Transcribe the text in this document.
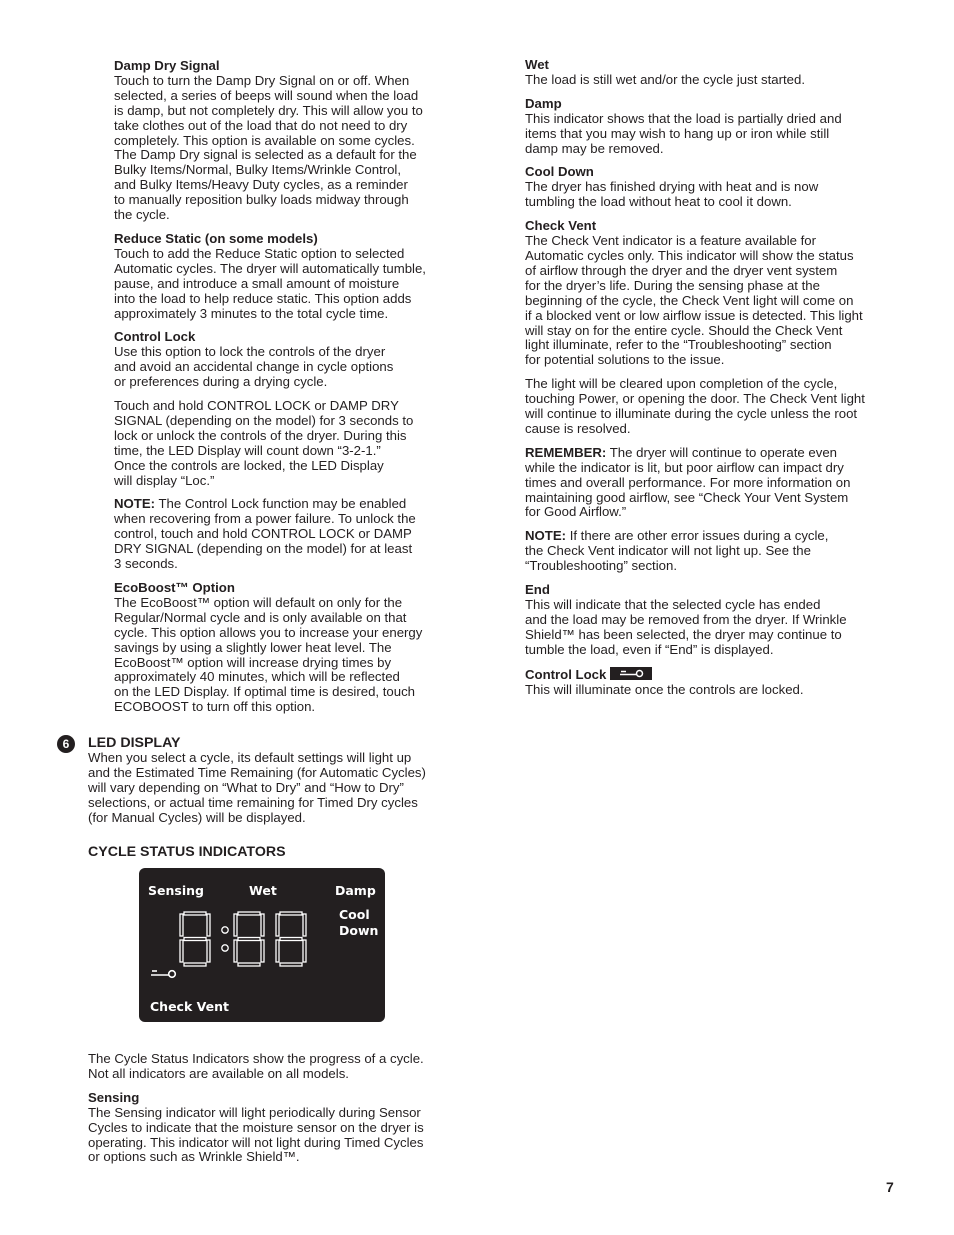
Damp Dry Signal

Touch to turn the Damp Dry Signal on or off. When
selected, a series of beeps will sound when the load
is damp, but not completely dry. This will allow you to
take clothes out of the load that do not need to dry
completely. This option is available on some cycles.
The Damp Dry signal is selected as a default for the
Bulky Items/Normal, Bulky Items/Wrinkle Control,
and Bulky Items/Heavy Duty cycles, as a reminder
to manually reposition bulky loads midway through
the cycle.

Reduce Static (on some models)

Touch to add the Reduce Static option to selected
Automatic cycles. The dryer will automatically tumble,
pause, and introduce a small amount of moisture
into the load to help reduce static. This option adds
approximately 3 minutes to the total cycle time.

Control Lock

Use this option to lock the controls of the dryer
and avoid an accidental change in cycle options
or preferences during a drying cycle.

Touch and hold CONTROL LOCK or DAMP DRY
SIGNAL (depending on the model) for 3 seconds to
lock or unlock the controls of the dryer. During this
time, the LED Display will count down “3-2-1.”
Once the controls are locked, the LED Display
will display “Loc.”

NOTE: The Control Lock function may be enabled
when recovering from a power failure. To unlock the
control, touch and hold CONTROL LOCK or DAMP
DRY SIGNAL (depending on the model) for at least
3 seconds.

EcoBoost™ Option

The EcoBoost™ option will default on only for the
Regular/Normal cycle and is only available on that
cycle. This option allows you to increase your energy
savings by using a slightly lower heat level. The
EcoBoost™ option will increase drying times by
approximately 40 minutes, which will be reflected
on the LED Display. If optimal time is desired, touch
ECOBOOST to turn off this option.

6	LED DISPLAY

When you select a cycle, its default settings will light up
and the Estimated Time Remaining (for Automatic Cycles)
will vary depending on “What to Dry” and “How to Dry”
selections, or actual time remaining for Timed Dry cycles
(for Manual Cycles) will be displayed.

CYCLE STATUS INDICATORS
Sensing	Wet	Damp
Cool
Down
Check Vent

The Cycle Status Indicators show the progress of a cycle.
Not all indicators are available on all models.

Sensing

The Sensing indicator will light periodically during Sensor
Cycles to indicate that the moisture sensor on the dryer is
operating. This indicator will not light during Timed Cycles
or options such as Wrinkle Shield™.

Wet

The load is still wet and/or the cycle just started.

Damp

This indicator shows that the load is partially dried and
items that you may wish to hang up or iron while still
damp may be removed.

Cool Down

The dryer has finished drying with heat and is now
tumbling the load without heat to cool it down.

Check Vent

The Check Vent indicator is a feature available for
Automatic cycles only. This indicator will show the status
of airflow through the dryer and the dryer vent system
for the dryer’s life. During the sensing phase at the
beginning of the cycle, the Check Vent light will come on
if a blocked vent or low airflow issue is detected. This light
will stay on for the entire cycle. Should the Check Vent
light illuminate, refer to the “Troubleshooting” section
for potential solutions to the issue.

The light will be cleared upon completion of the cycle,
touching Power, or opening the door. The Check Vent light
will continue to illuminate during the cycle unless the root
cause is resolved.

REMEMBER: The dryer will continue to operate even
while the indicator is lit, but poor airflow can impact dry
times and overall performance. For more information on
maintaining good airflow, see “Check Your Vent System
for Good Airflow.”

NOTE: If there are other error issues during a cycle,
the Check Vent indicator will not light up. See the
“Troubleshooting” section.

End

This will indicate that the selected cycle has ended
and the load may be removed from the dryer. If Wrinkle
Shield™ has been selected, the dryer may continue to
tumble the load, even if “End” is displayed.

Control Lock

This will illuminate once the controls are locked.

7
